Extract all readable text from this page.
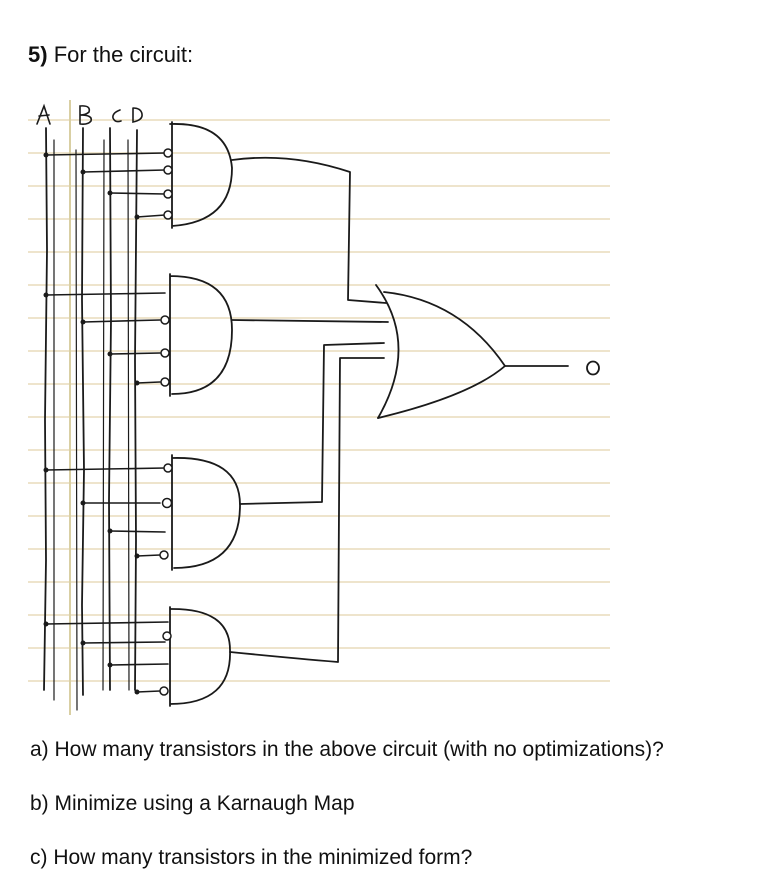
5) For the circuit:
a) How many transistors in the above circuit (with no optimizations)?
b) Minimize using a Karnaugh Map
c) How many transistors in the minimized form?
